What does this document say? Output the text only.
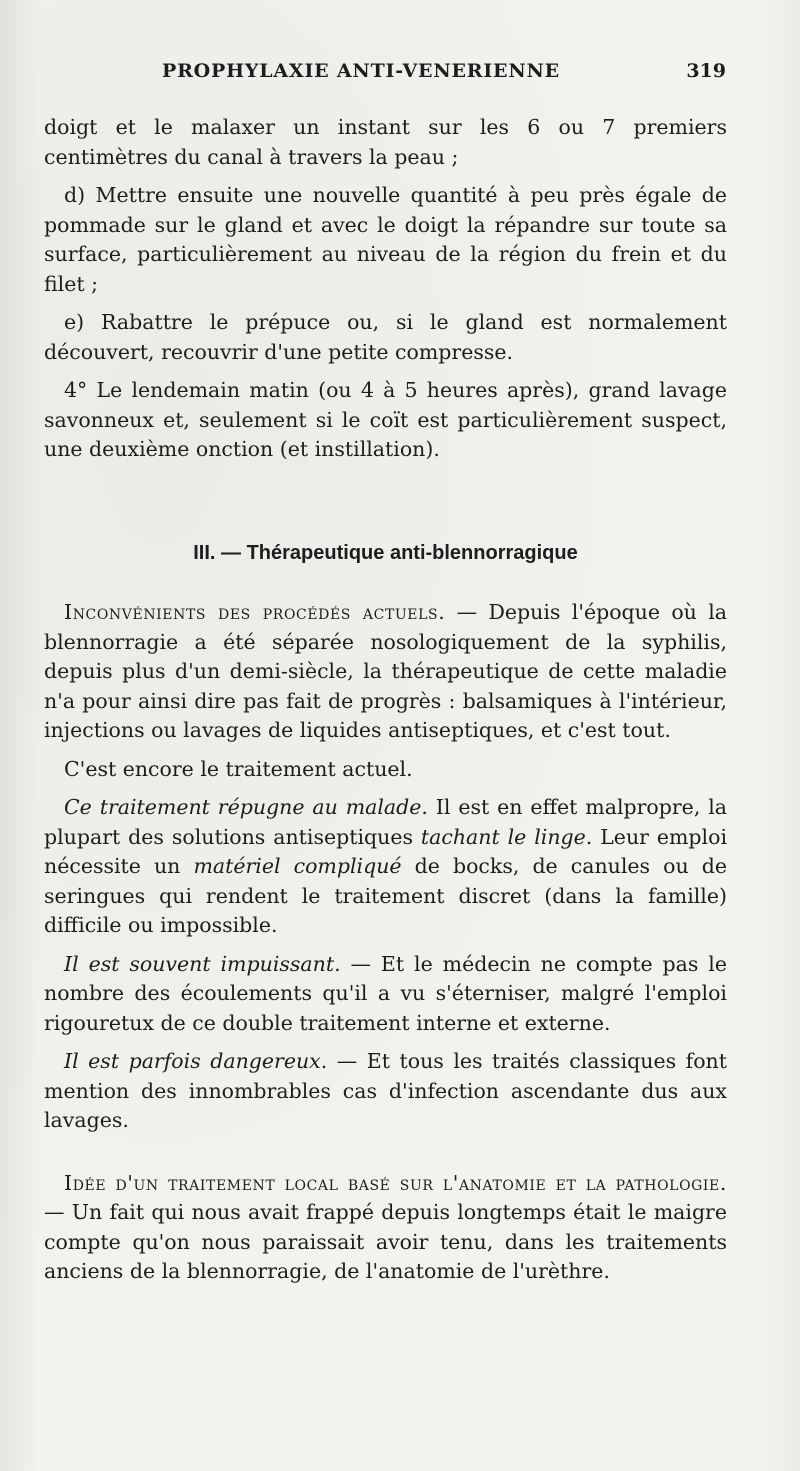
PROPHYLAXIE ANTI-VENERIENNE	319

doigt et le malaxer un instant sur les 6 ou 7 premiers centimètres du canal à travers la peau ;

d) Mettre ensuite une nouvelle quantité à peu près égale de pommade sur le gland et avec le doigt la répandre sur toute sa surface, particulièrement au niveau de la région du frein et du filet ;

e) Rabattre le prépuce ou, si le gland est normalement découvert, recouvrir d'une petite compresse.

4° Le lendemain matin (ou 4 à 5 heures après), grand lavage savonneux et, seulement si le coït est particulièrement suspect, une deuxième onction (et instillation).

III. — Thérapeutique anti-blennorragique

Inconvénients des procédés actuels. — Depuis l'époque où la blennorragie a été séparée nosologiquement de la syphilis, depuis plus d'un demi-siècle, la thérapeutique de cette maladie n'a pour ainsi dire pas fait de progrès : balsamiques à l'intérieur, injections ou lavages de liquides antiseptiques, et c'est tout.

C'est encore le traitement actuel.

Ce traitement répugne au malade. Il est en effet malpropre, la plupart des solutions antiseptiques tachant le linge. Leur emploi nécessite un matériel compliqué de bocks, de canules ou de seringues qui rendent le traitement discret (dans la famille) difficile ou impossible.

Il est souvent impuissant. — Et le médecin ne compte pas le nombre des écoulements qu'il a vu s'éterniser, malgré l'emploi rigouretux de ce double traitement interne et externe.

Il est parfois dangereux. — Et tous les traités classiques font mention des innombrables cas d'infection ascendante dus aux lavages.

Idée d'un traitement local basé sur l'anatomie et la pathologie. — Un fait qui nous avait frappé depuis longtemps était le maigre compte qu'on nous paraissait avoir tenu, dans les traitements anciens de la blennorragie, de l'anatomie de l'urèthre.
